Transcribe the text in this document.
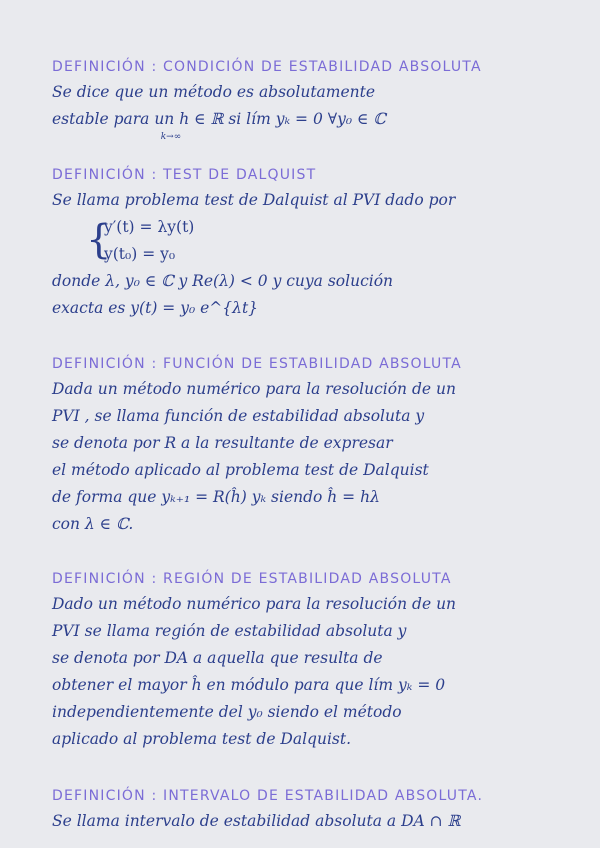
DEFINICIÓN : CONDICIÓN DE ESTABILIDAD ABSOLUTA
Se dice que un método es absolutamente
estable para un h ∈ ℝ si lím yₖ = 0 ∀y₀ ∈ ℂ
k→∞
DEFINICIÓN : TEST DE DALQUIST
Se llama problema test de Dalquist al PVI dado por
{
y′(t) = λy(t)
y(t₀) = y₀
donde λ, y₀ ∈ ℂ y Re(λ) < 0 y cuya solución
exacta es y(t) = y₀ e^{λt}
DEFINICIÓN : FUNCIÓN DE ESTABILIDAD ABSOLUTA
Dada un método numérico para la resolución de un
PVI , se llama función de estabilidad absoluta y
se denota por R a la resultante de expresar
el método aplicado al problema test de Dalquist
de forma que yₖ₊₁ = R(ĥ) yₖ siendo ĥ = hλ
con λ ∈ ℂ.
DEFINICIÓN : REGIÓN DE ESTABILIDAD ABSOLUTA
Dado un método numérico para la resolución de un
PVI se llama región de estabilidad absoluta y
se denota por DA a aquella que resulta de
obtener el mayor ĥ en módulo para que lím yₖ = 0
independientemente del y₀ siendo el método
aplicado al problema test de Dalquist.
DEFINICIÓN : INTERVALO DE ESTABILIDAD ABSOLUTA.
Se llama intervalo de estabilidad absoluta a DA ∩ ℝ
